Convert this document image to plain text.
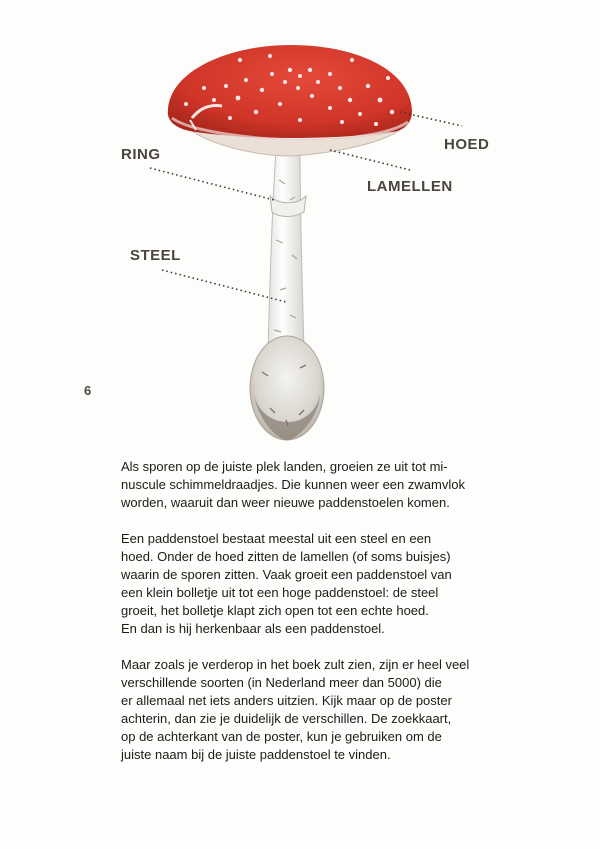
HOED
RING
LAMELLEN
STEEL
6

Als sporen op de juiste plek landen, groeien ze uit tot mi-
nuscule schimmeldraadjes. Die kunnen weer een zwamvlok
worden, waaruit dan weer nieuwe paddenstoelen komen.

Een paddenstoel bestaat meestal uit een steel en een
hoed. Onder de hoed zitten de lamellen (of soms buisjes)
waarin de sporen zitten. Vaak groeit een paddenstoel van
een klein bolletje uit tot een hoge paddenstoel: de steel
groeit, het bolletje klapt zich open tot een echte hoed.
En dan is hij herkenbaar als een paddenstoel.

Maar zoals je verderop in het boek zult zien, zijn er heel veel
verschillende soorten (in Nederland meer dan 5000) die
er allemaal net iets anders uitzien. Kijk maar op de poster
achterin, dan zie je duidelijk de verschillen. De zoekkaart,
op de achterkant van de poster, kun je gebruiken om de
juiste naam bij de juiste paddenstoel te vinden.
